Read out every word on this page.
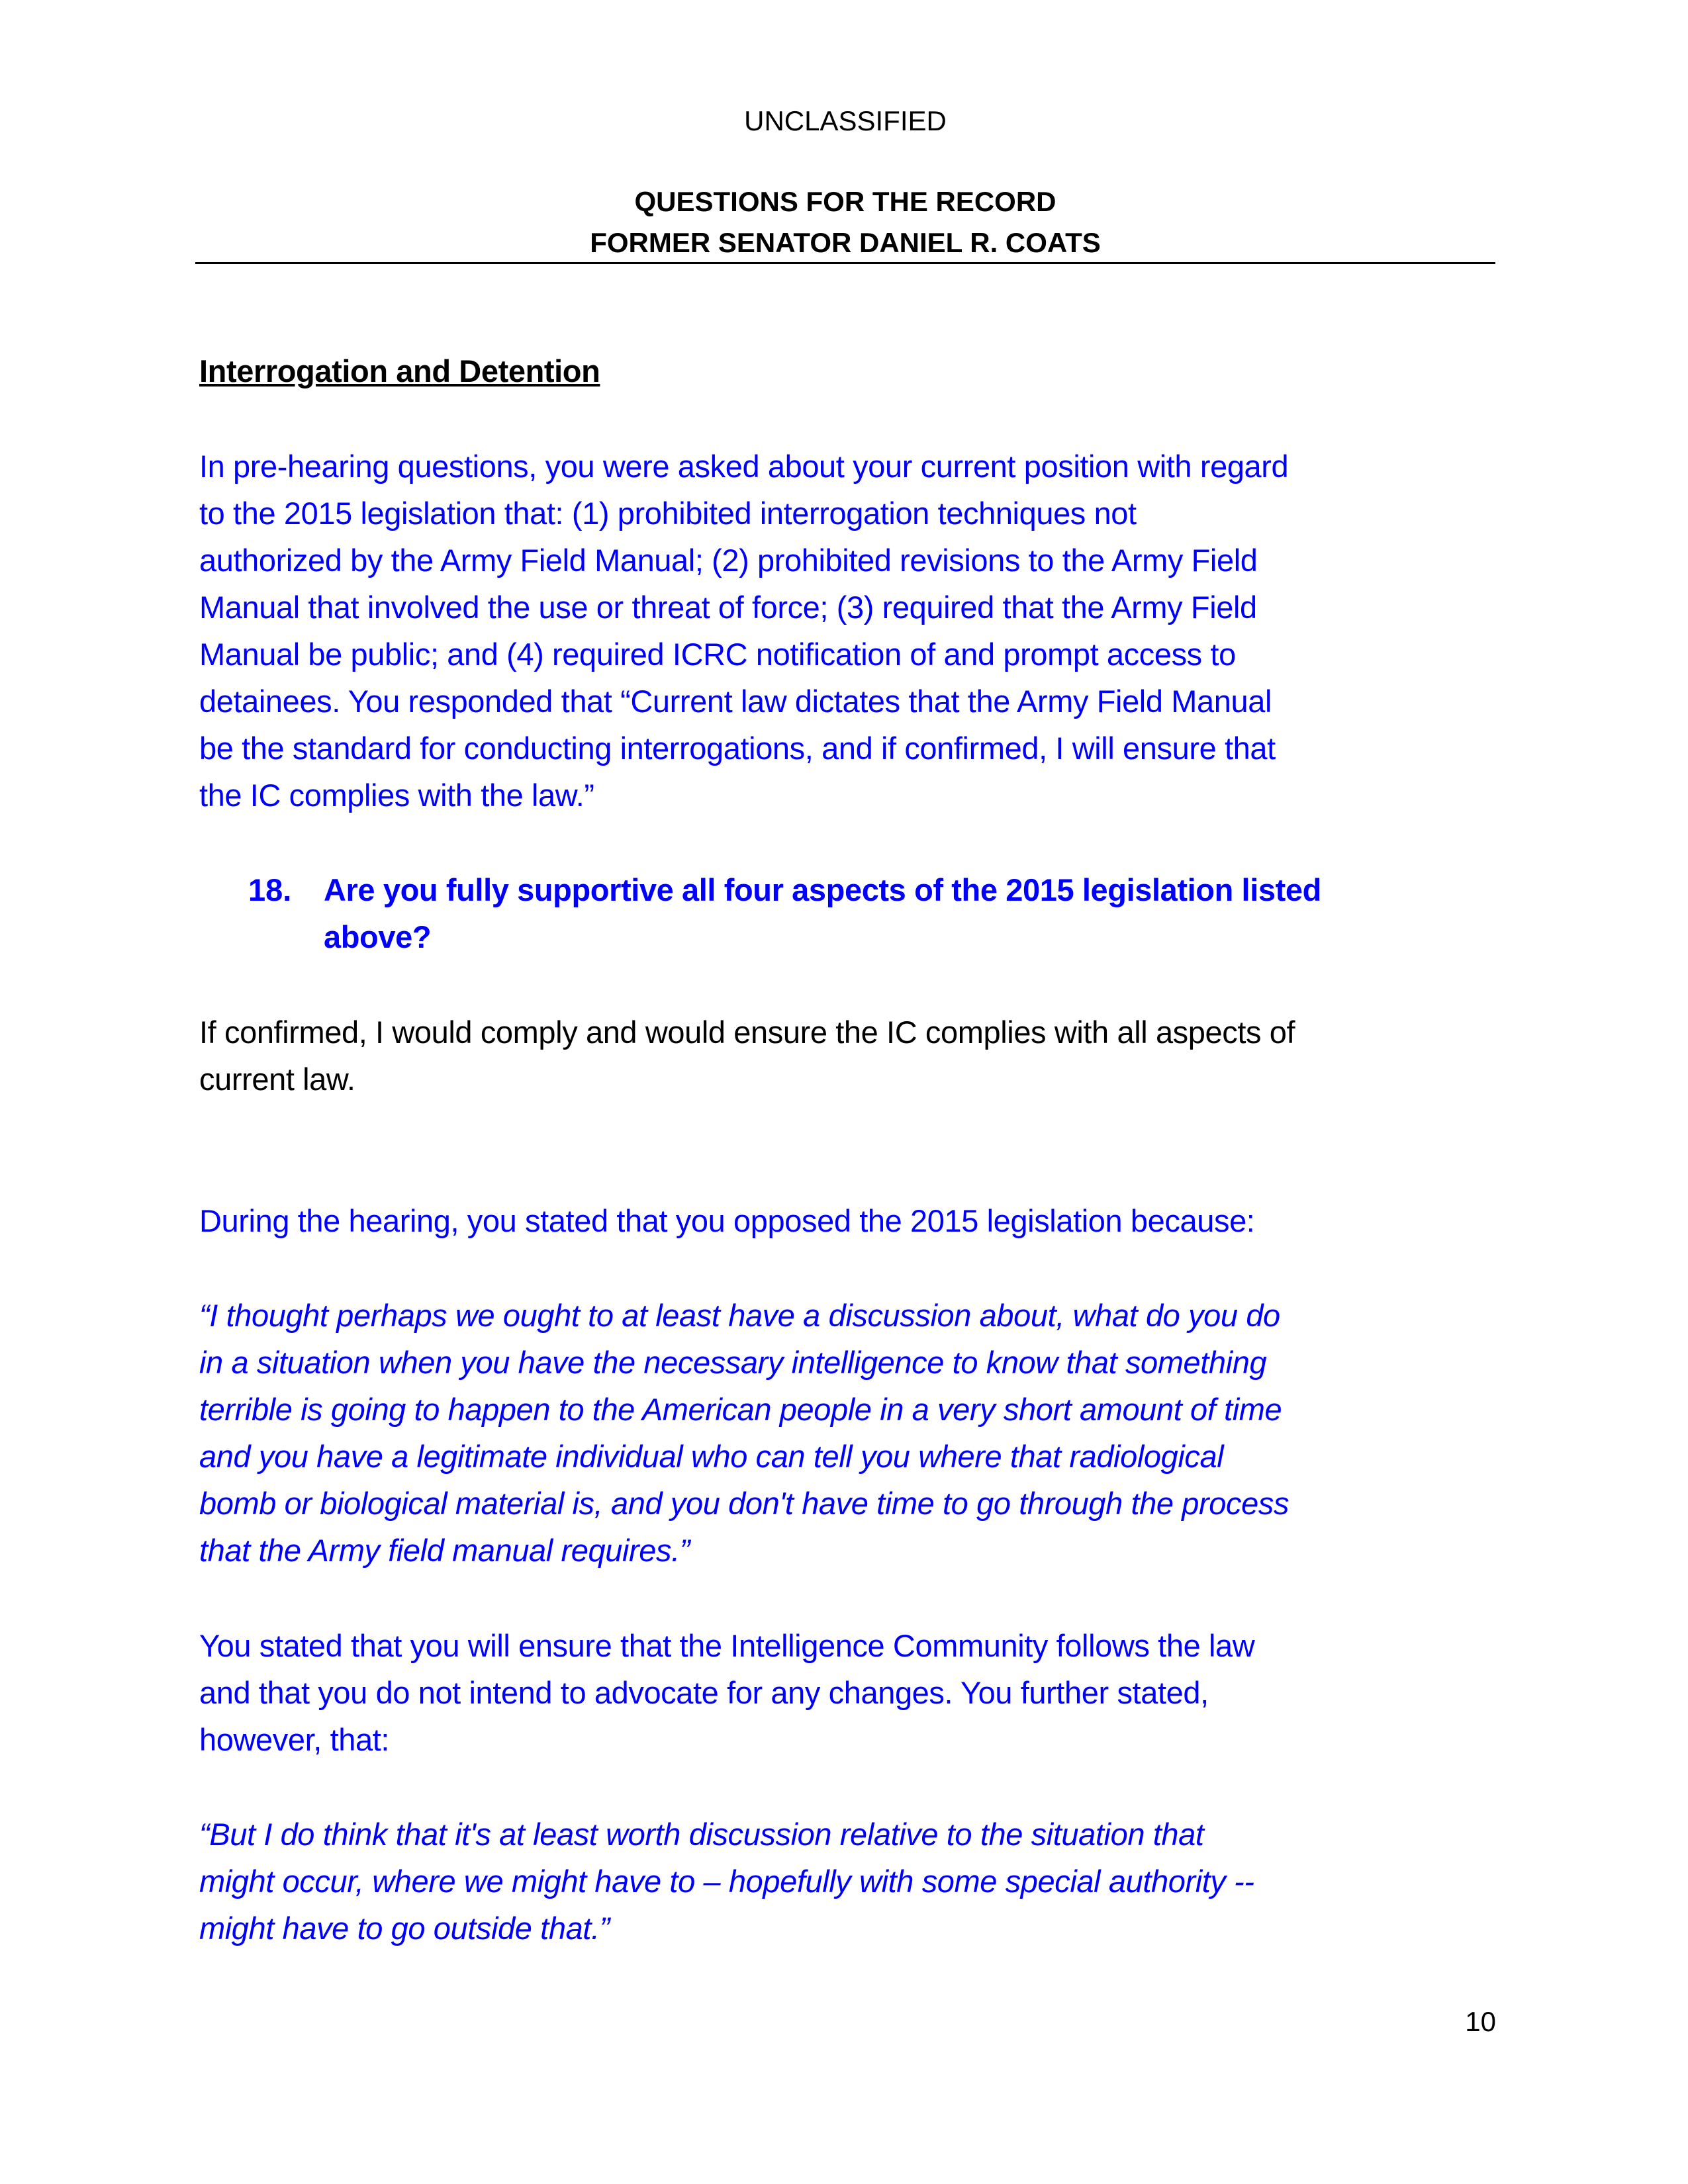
UNCLASSIFIED
QUESTIONS FOR THE RECORD
FORMER SENATOR DANIEL R. COATS
Interrogation and Detention
In pre-hearing questions, you were asked about your current position with regard
to the 2015 legislation that: (1) prohibited interrogation techniques not
authorized by the Army Field Manual; (2) prohibited revisions to the Army Field
Manual that involved the use or threat of force; (3) required that the Army Field
Manual be public; and (4) required ICRC notification of and prompt access to
detainees. You responded that “Current law dictates that the Army Field Manual
be the standard for conducting interrogations, and if confirmed, I will ensure that
the IC complies with the law.”
18. Are you fully supportive all four aspects of the 2015 legislation listed
above?
If confirmed, I would comply and would ensure the IC complies with all aspects of
current law.
During the hearing, you stated that you opposed the 2015 legislation because:
“I thought perhaps we ought to at least have a discussion about, what do you do
in a situation when you have the necessary intelligence to know that something
terrible is going to happen to the American people in a very short amount of time
and you have a legitimate individual who can tell you where that radiological
bomb or biological material is, and you don't have time to go through the process
that the Army field manual requires.”
You stated that you will ensure that the Intelligence Community follows the law
and that you do not intend to advocate for any changes. You further stated,
however, that:
“But I do think that it's at least worth discussion relative to the situation that
might occur, where we might have to – hopefully with some special authority --
might have to go outside that.”
10
